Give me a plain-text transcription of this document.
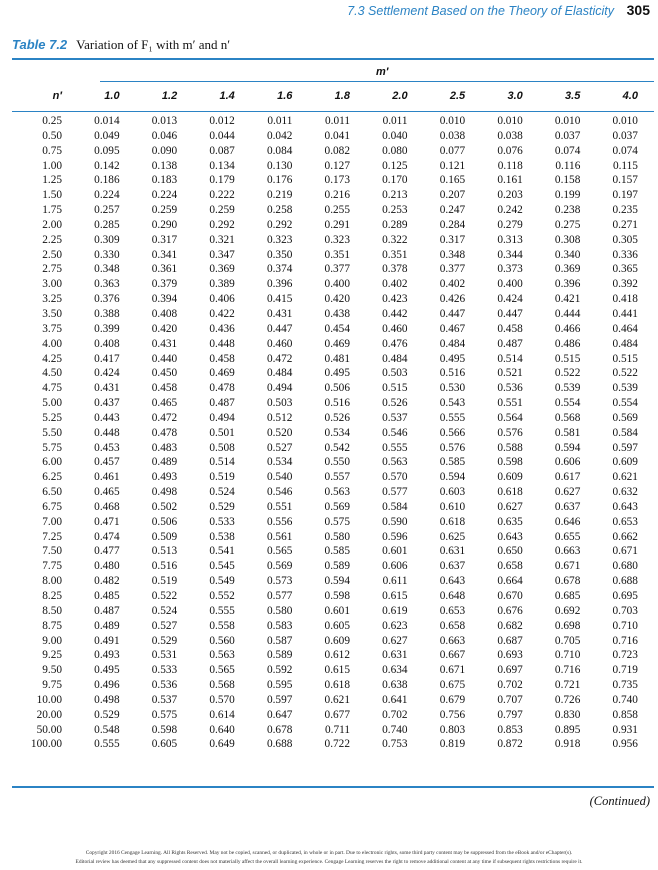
7.3 Settlement Based on the Theory of Elasticity 305
Table 7.2 Variation of F₁ with m′ and n′
m′
n′	1.0	1.2	1.4	1.6	1.8	2.0	2.5	3.0	3.5	4.0
0.25	0.014	0.013	0.012	0.011	0.011	0.011	0.010	0.010	0.010	0.010
0.50	0.049	0.046	0.044	0.042	0.041	0.040	0.038	0.038	0.037	0.037
0.75	0.095	0.090	0.087	0.084	0.082	0.080	0.077	0.076	0.074	0.074
1.00	0.142	0.138	0.134	0.130	0.127	0.125	0.121	0.118	0.116	0.115
1.25	0.186	0.183	0.179	0.176	0.173	0.170	0.165	0.161	0.158	0.157
1.50	0.224	0.224	0.222	0.219	0.216	0.213	0.207	0.203	0.199	0.197
1.75	0.257	0.259	0.259	0.258	0.255	0.253	0.247	0.242	0.238	0.235
2.00	0.285	0.290	0.292	0.292	0.291	0.289	0.284	0.279	0.275	0.271
2.25	0.309	0.317	0.321	0.323	0.323	0.322	0.317	0.313	0.308	0.305
2.50	0.330	0.341	0.347	0.350	0.351	0.351	0.348	0.344	0.340	0.336
2.75	0.348	0.361	0.369	0.374	0.377	0.378	0.377	0.373	0.369	0.365
3.00	0.363	0.379	0.389	0.396	0.400	0.402	0.402	0.400	0.396	0.392
3.25	0.376	0.394	0.406	0.415	0.420	0.423	0.426	0.424	0.421	0.418
3.50	0.388	0.408	0.422	0.431	0.438	0.442	0.447	0.447	0.444	0.441
3.75	0.399	0.420	0.436	0.447	0.454	0.460	0.467	0.458	0.466	0.464
4.00	0.408	0.431	0.448	0.460	0.469	0.476	0.484	0.487	0.486	0.484
4.25	0.417	0.440	0.458	0.472	0.481	0.484	0.495	0.514	0.515	0.515
4.50	0.424	0.450	0.469	0.484	0.495	0.503	0.516	0.521	0.522	0.522
4.75	0.431	0.458	0.478	0.494	0.506	0.515	0.530	0.536	0.539	0.539
5.00	0.437	0.465	0.487	0.503	0.516	0.526	0.543	0.551	0.554	0.554
5.25	0.443	0.472	0.494	0.512	0.526	0.537	0.555	0.564	0.568	0.569
5.50	0.448	0.478	0.501	0.520	0.534	0.546	0.566	0.576	0.581	0.584
5.75	0.453	0.483	0.508	0.527	0.542	0.555	0.576	0.588	0.594	0.597
6.00	0.457	0.489	0.514	0.534	0.550	0.563	0.585	0.598	0.606	0.609
6.25	0.461	0.493	0.519	0.540	0.557	0.570	0.594	0.609	0.617	0.621
6.50	0.465	0.498	0.524	0.546	0.563	0.577	0.603	0.618	0.627	0.632
6.75	0.468	0.502	0.529	0.551	0.569	0.584	0.610	0.627	0.637	0.643
7.00	0.471	0.506	0.533	0.556	0.575	0.590	0.618	0.635	0.646	0.653
7.25	0.474	0.509	0.538	0.561	0.580	0.596	0.625	0.643	0.655	0.662
7.50	0.477	0.513	0.541	0.565	0.585	0.601	0.631	0.650	0.663	0.671
7.75	0.480	0.516	0.545	0.569	0.589	0.606	0.637	0.658	0.671	0.680
8.00	0.482	0.519	0.549	0.573	0.594	0.611	0.643	0.664	0.678	0.688
8.25	0.485	0.522	0.552	0.577	0.598	0.615	0.648	0.670	0.685	0.695
8.50	0.487	0.524	0.555	0.580	0.601	0.619	0.653	0.676	0.692	0.703
8.75	0.489	0.527	0.558	0.583	0.605	0.623	0.658	0.682	0.698	0.710
9.00	0.491	0.529	0.560	0.587	0.609	0.627	0.663	0.687	0.705	0.716
9.25	0.493	0.531	0.563	0.589	0.612	0.631	0.667	0.693	0.710	0.723
9.50	0.495	0.533	0.565	0.592	0.615	0.634	0.671	0.697	0.716	0.719
9.75	0.496	0.536	0.568	0.595	0.618	0.638	0.675	0.702	0.721	0.735
10.00	0.498	0.537	0.570	0.597	0.621	0.641	0.679	0.707	0.726	0.740
20.00	0.529	0.575	0.614	0.647	0.677	0.702	0.756	0.797	0.830	0.858
50.00	0.548	0.598	0.640	0.678	0.711	0.740	0.803	0.853	0.895	0.931
100.00	0.555	0.605	0.649	0.688	0.722	0.753	0.819	0.872	0.918	0.956
(Continued)
Copyright 2016 Cengage Learning. All Rights Reserved. May not be copied, scanned, or duplicated, in whole or in part. Due to electronic rights, some third party content may be suppressed from the eBook and/or eChapter(s).
Editorial review has deemed that any suppressed content does not materially affect the overall learning experience. Cengage Learning reserves the right to remove additional content at any time if subsequent rights restrictions require it.
